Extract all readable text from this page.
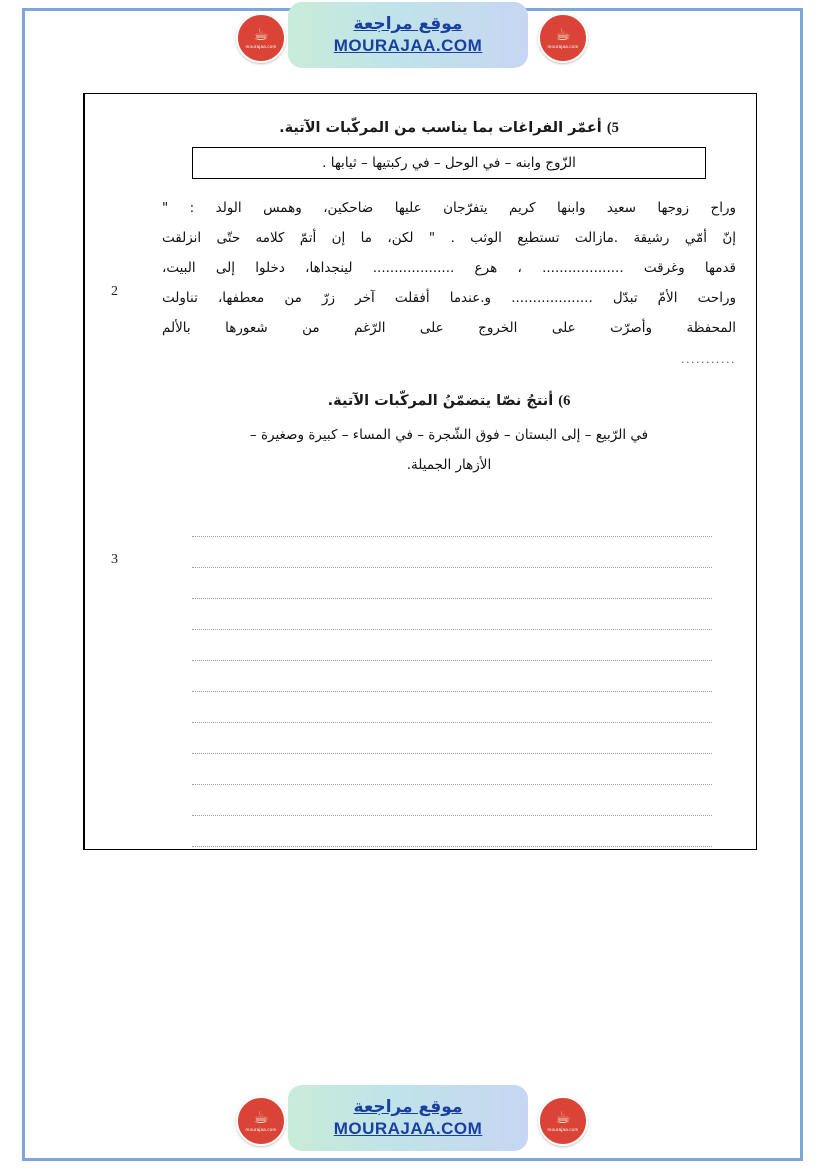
2
3
5) أعمّر الفراغات بما يناسب من المركّبات الآتية.
الزّوج وابنه – في الوحل – في ركبتيها – ثيابها .

وراح زوجها سعيد وابنها كريم يتفرّجان عليها ضاحكين، وهمس الولد : "

إنّ أمّي رشيقة .مازالت تستطيع الوثب . " لكن، ما إن أتمّ كلامه حتّى انزلقت

قدمها وغرقت ................... ، هرع ................... لينجداها، دخلوا إلى البيت،

وراحت الأمّ تبدّل ................... و.عندما أفقلت آخر زرّ من معطفها، تناولت

المحفظة وأصرّت على الخروج على الرّغم من شعورها بالألم

...........
6) أنتجُ نصّا يتضمّنُ المركّبات الآتية.
في الرّبيع – إلى البستان – فوق الشّجرة – في المساء – كبيرة وصغيرة –
الأزهار الجميلة.
☕
mourajaa.com
موقع مراجعة
MOURAJAA.COM
☕
mourajaa.com
☕
mourajaa.com
موقع مراجعة
MOURAJAA.COM
☕
mourajaa.com
